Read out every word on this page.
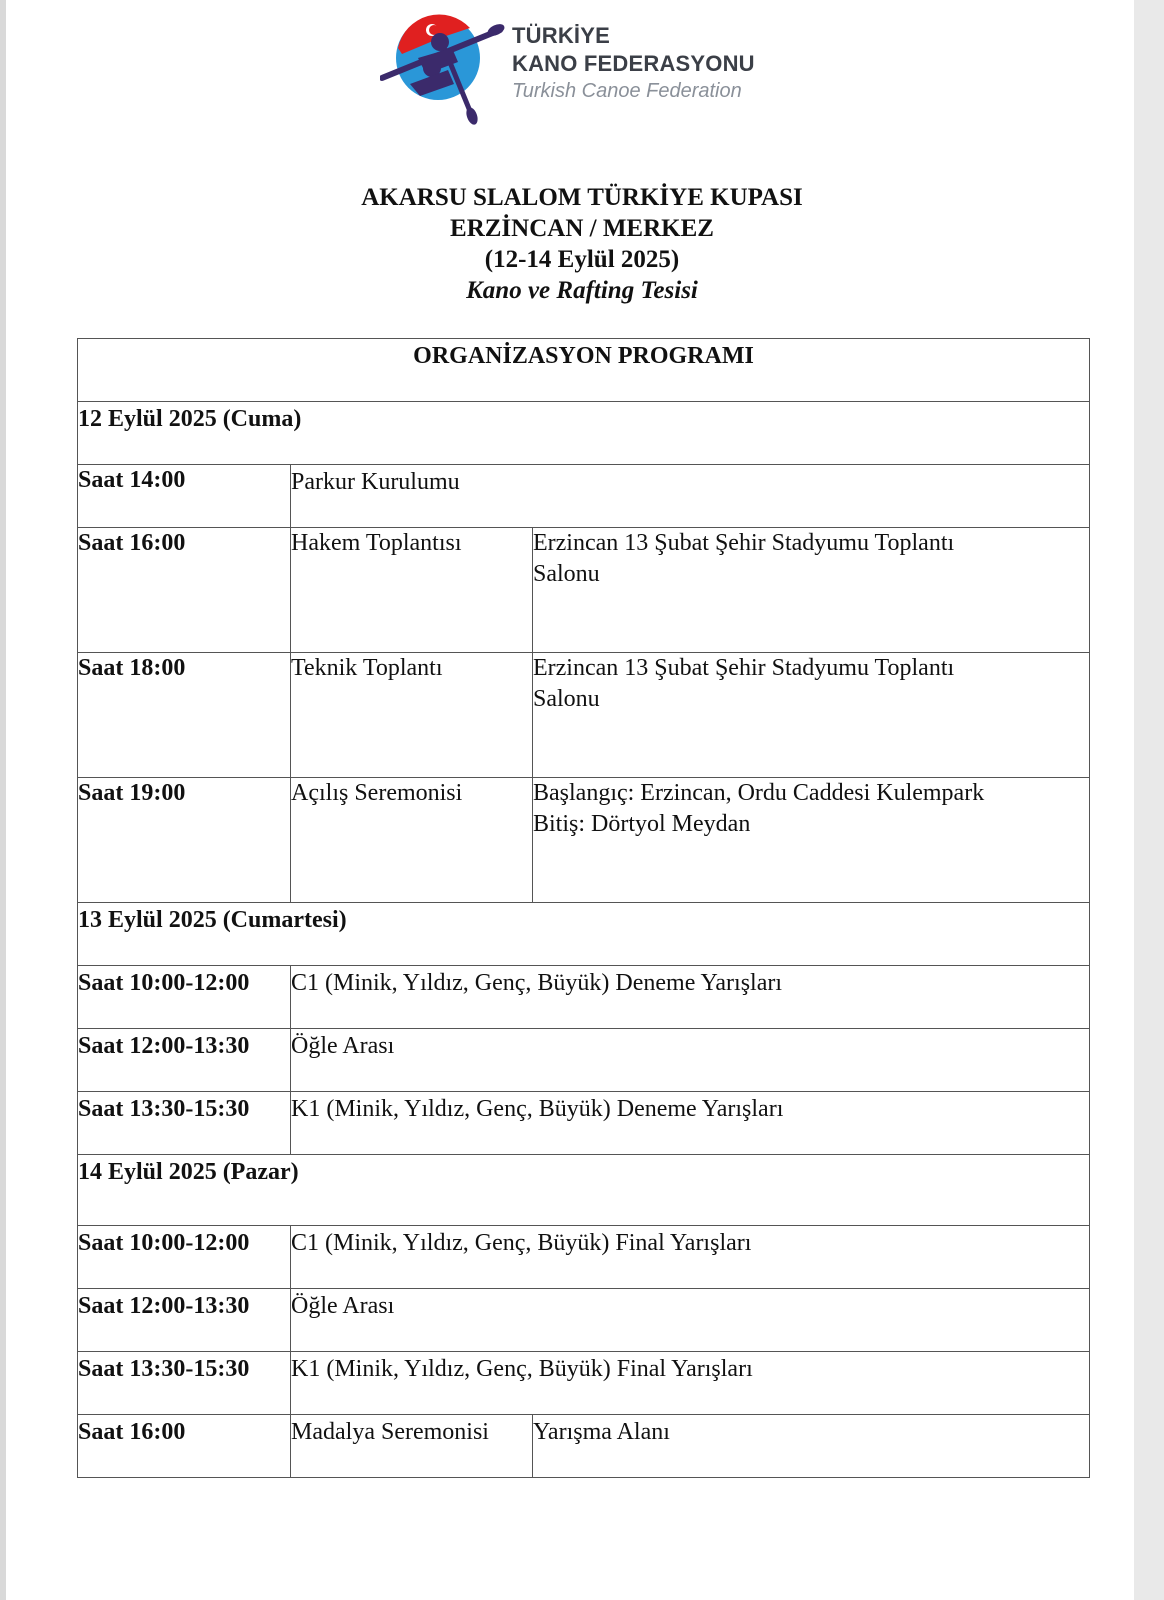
TÜRKİYE
KANO FEDERASYONU
Turkish Canoe Federation
AKARSU SLALOM TÜRKİYE KUPASI
ERZİNCAN / MERKEZ
(12-14 Eylül 2025)
Kano ve Rafting Tesisi
ORGANİZASYON PROGRAMI		

12 Eylül 2025 (Cuma)		

Saat 14:00	Parkur Kurulumu	

Saat 16:00	Hakem Toplantısı	Erzincan 13 Şubat Şehir Stadyumu Toplantı
Salonu

Saat 18:00	Teknik Toplantı	Erzincan 13 Şubat Şehir Stadyumu Toplantı
Salonu

Saat 19:00	Açılış Seremonisi	Başlangıç: Erzincan, Ordu Caddesi Kulempark
Bitiş: Dörtyol Meydan

13 Eylül 2025 (Cumartesi)		

Saat 10:00-12:00	C1 (Minik, Yıldız, Genç, Büyük) Deneme Yarışları	

Saat 12:00-13:30	Öğle Arası	

Saat 13:30-15:30	K1 (Minik, Yıldız, Genç, Büyük) Deneme Yarışları	

14 Eylül 2025 (Pazar)		

Saat 10:00-12:00	C1 (Minik, Yıldız, Genç, Büyük) Final Yarışları	

Saat 12:00-13:30	Öğle Arası	

Saat 13:30-15:30	K1 (Minik, Yıldız, Genç, Büyük) Final Yarışları	

Saat 16:00	Madalya Seremonisi	Yarışma Alanı
